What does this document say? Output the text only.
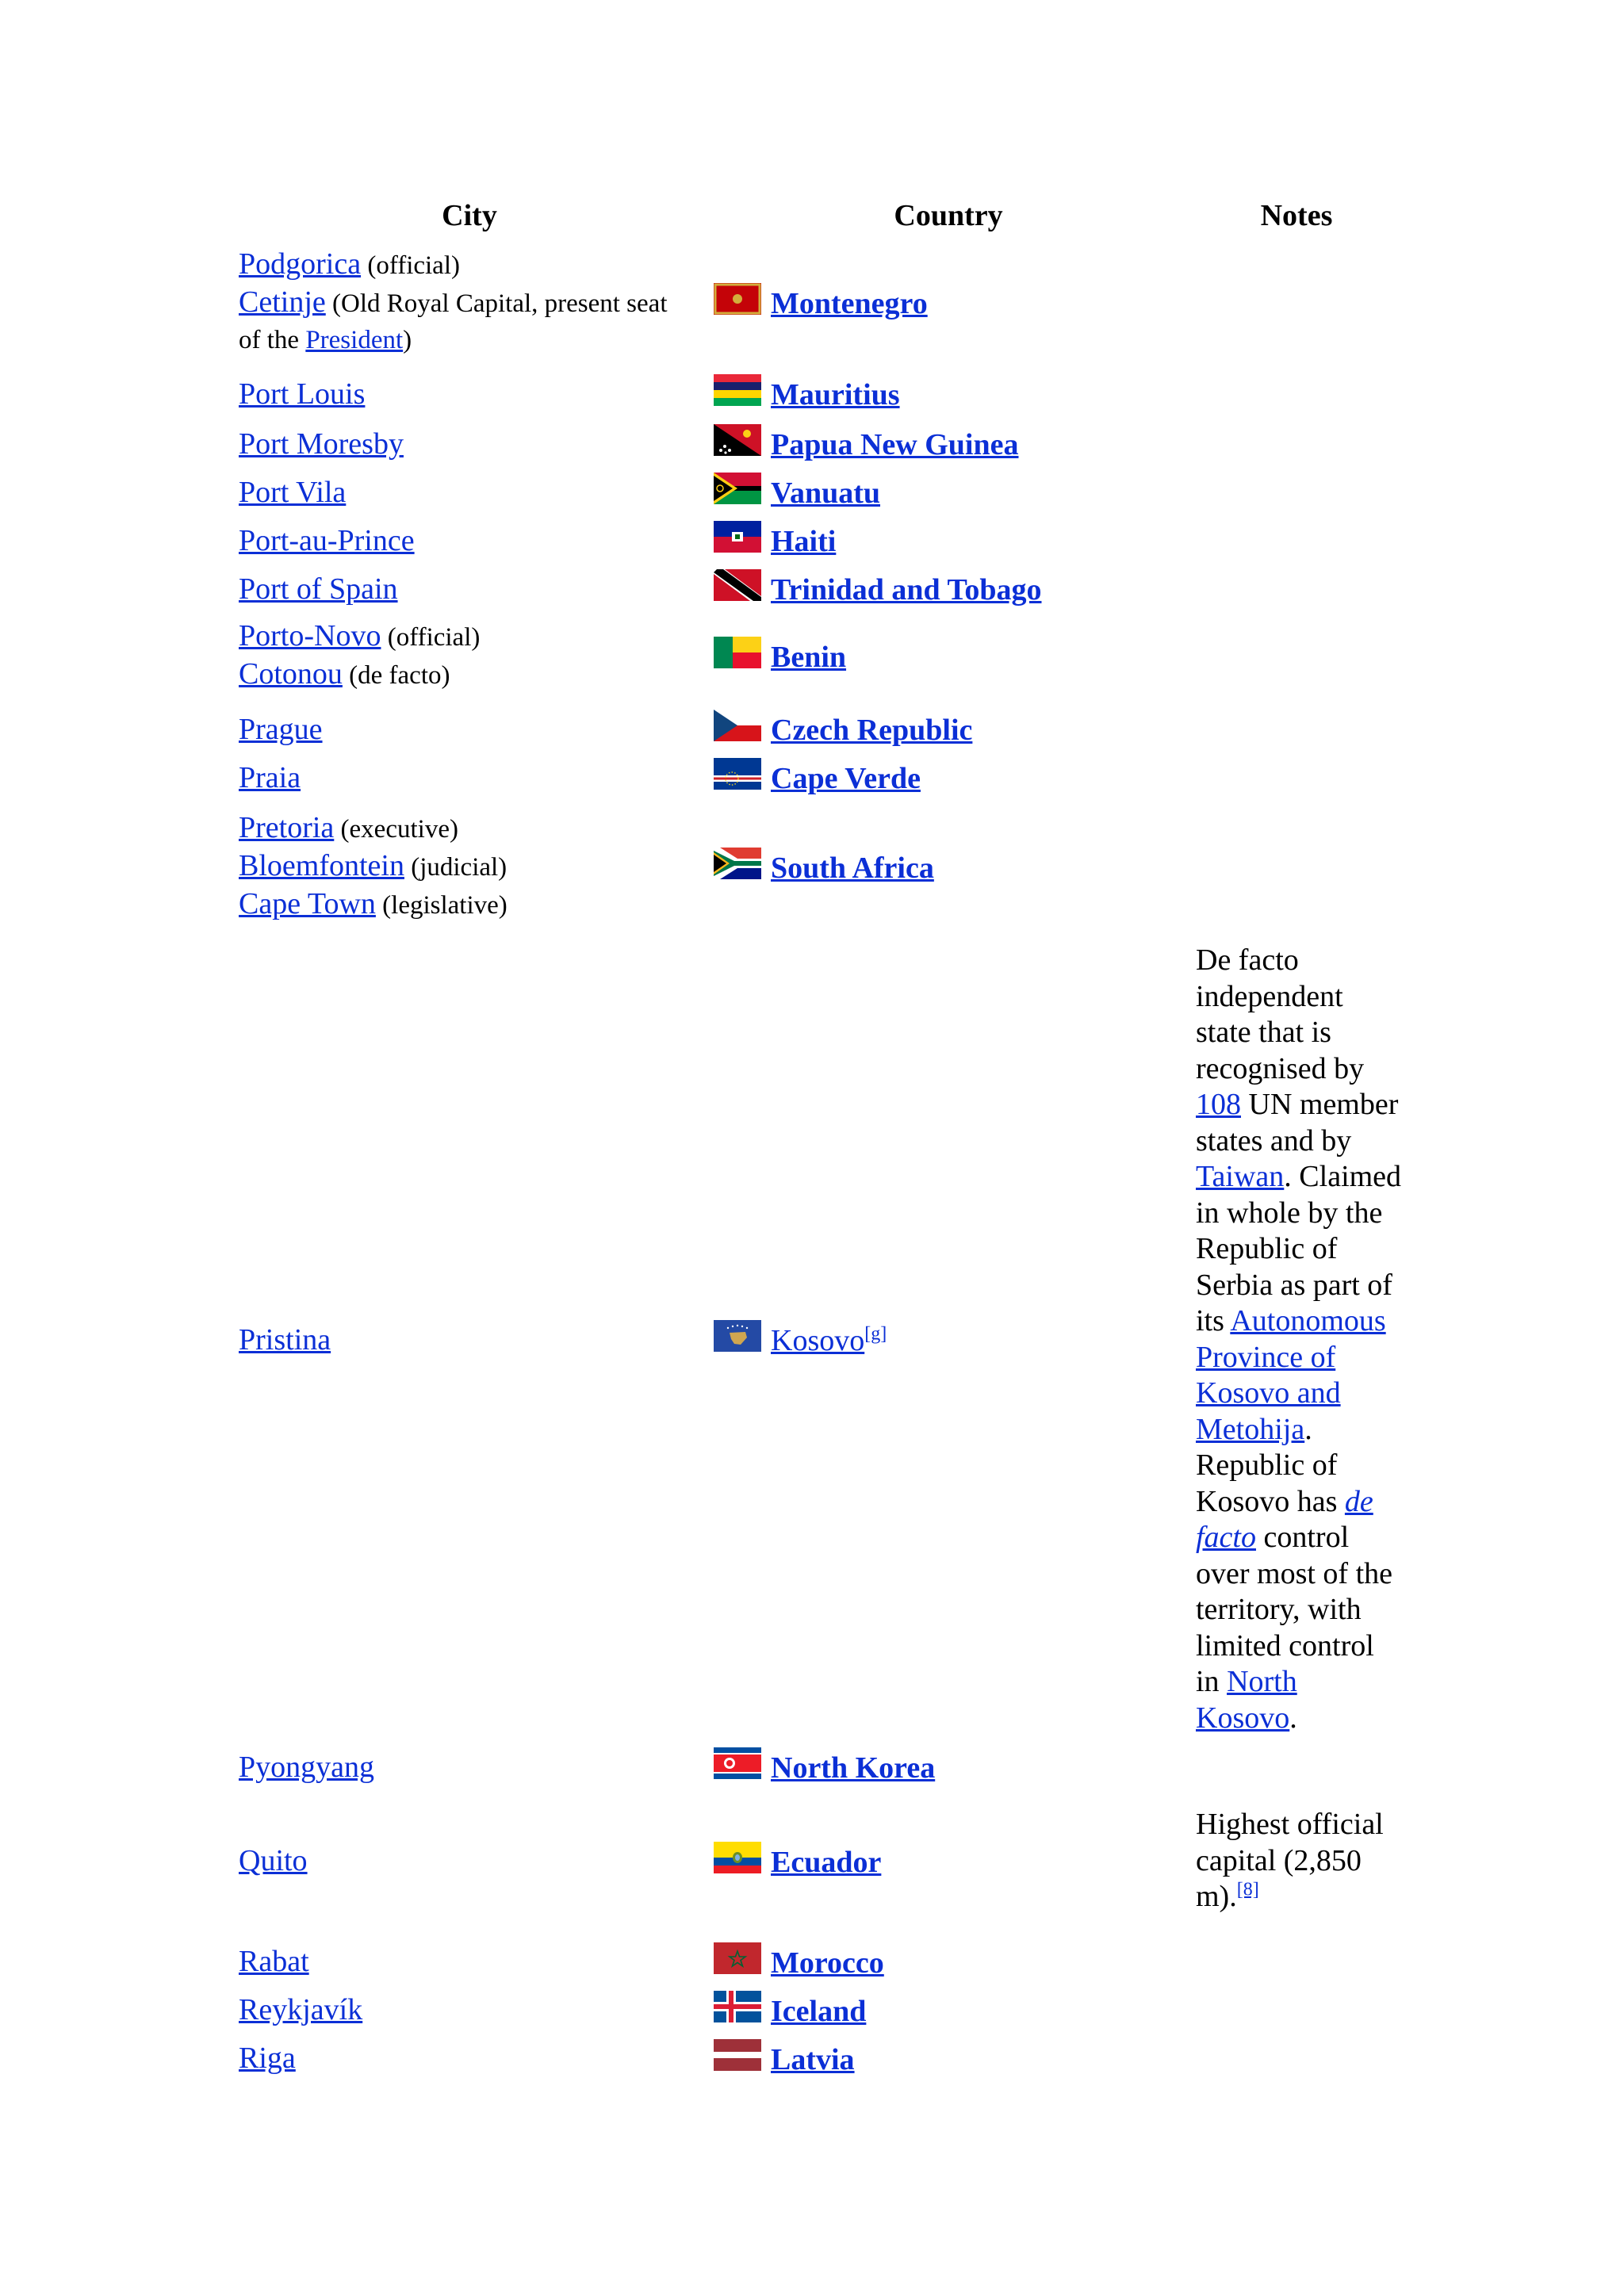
City	Country	Notes

Podgorica (official)
Cetinje (Old Royal Capital, present seat
of the President)	Montenegro	

Port Louis	Mauritius	

Port Moresby	Papua New Guinea	

Port Vila	Vanuatu	

Port-au-Prince	Haiti	

Port of Spain	Trinidad and Tobago	

Porto-Novo (official)
Cotonou (de facto)	Benin	

Prague	Czech Republic	

Praia	Cape Verde	

Pretoria (executive)
Bloemfontein (judicial)
Cape Town (legislative)	South Africa	

Pristina	Kosovo[g]	De facto independent state that is recognised by 108 UN member states and by Taiwan. Claimed in whole by the Republic of Serbia as part of its Autonomous Province of Kosovo and Metohija. Republic of Kosovo has de facto control over most of the territory, with limited control in North Kosovo.

Pyongyang	North Korea	

Quito	Ecuador	Highest official capital (2,850 m).[8]

Rabat	Morocco	

Reykjavík	Iceland	

Riga	Latvia	
